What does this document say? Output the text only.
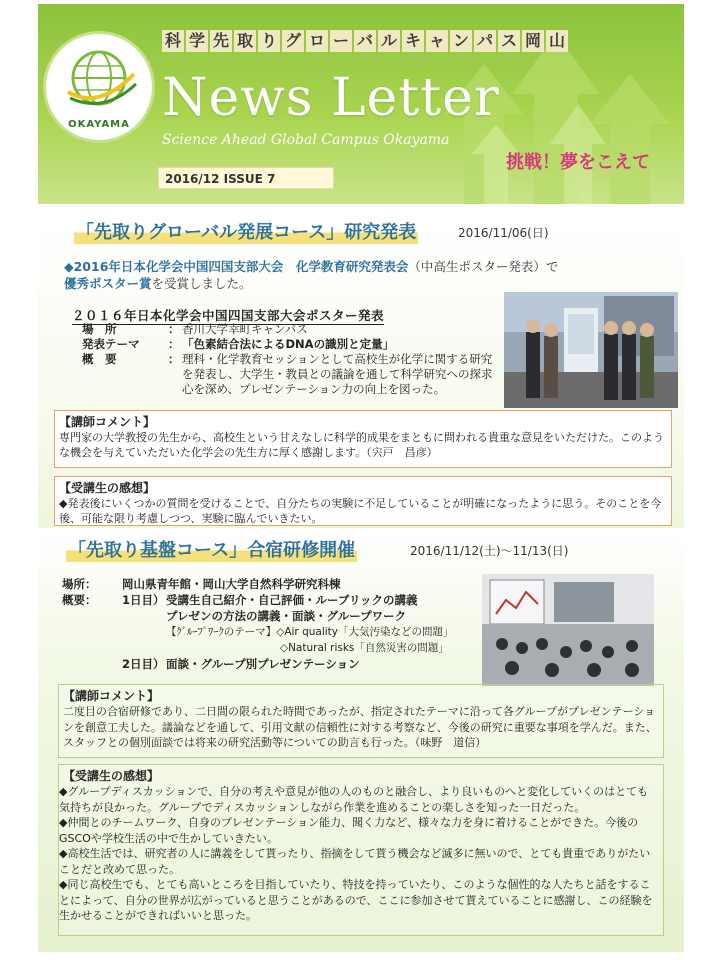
OKAYAMA
科 学 先 取 り グ ロ ー バ ル キ ャ ン パ ス 岡 山
News Letter
Science Ahead Global Campus Okayama
挑戦！夢をこえて
2016/12 ISSUE 7
「先取りグローバル発展コース」研究発表	2016/11/06(日)
◆2016年日本化学会中国四国支部大会　化学教育研究発表会（中高生ポスター発表）で
優秀ポスター賞を受賞しました。
２０１６年日本化学会中国四国支部大会ポスター発表
場　所	： 香川大学幸町キャンパス
発表テーマ	： 「色素結合法によるDNAの識別と定量」
概　要	： 理科・化学教育セッションとして高校生が化学に関する研究を発表し、大学生・教員との議論を通して科学研究への探求心を深め、プレゼンテーション力の向上を図った。
【講師コメント】
専門家の大学教授の先生から、高校生という甘えなしに科学的成果をまともに問われる貴重な意見をいただけた。このような機会を与えていただいた化学会の先生方に厚く感謝します。（宍戸　昌彦）
【受講生の感想】
◆発表後にいくつかの質問を受けることで、自分たちの実験に不足していることが明確になったように思う。そのことを今後、可能な限り考慮しつつ、実験に臨んでいきたい。
「先取り基盤コース」合宿研修開催	2016/11/12(土)～11/13(日)
場所：	岡山県青年館・岡山大学自然科学研究科棟
概要：	1日目） 受講生自己紹介・自己評価・ルーブリックの講義
プレゼンの方法の講義・面談・グループワーク
【ｸﾞﾙｰﾌﾟﾜｰｸのテーマ】◇Air quality「大気汚染などの問題」
◇Natural risks「自然災害の問題」
2日目） 面談・グループ別プレゼンテーション
【講師コメント】
二度目の合宿研修であり、二日間の限られた時間であったが、指定されたテーマに沿って各グループがプレゼンテーションを創意工夫した。議論などを通して、引用文献の信頼性に対する考察など、今後の研究に重要な事項を学んだ。また、スタッフとの個別面談では将来の研究活動等についての助言も行った。（味野　道信）
【受講生の感想】
◆グループディスカッションで、自分の考えや意見が他の人のものと融合し、より良いものへと変化していくのはとても気持ちが良かった。グループでディスカッションしながら作業を進めることの楽しさを知った一日だった。
◆仲間とのチームワーク、自身のプレゼンテーション能力、聞く力など、様々な力を身に着けることができた。今後のGSCOや学校生活の中で生かしていきたい。
◆高校生活では、研究者の人に講義をして貰ったり、指摘をして貰う機会など滅多に無いので、とても貴重でありがたいことだと改めて思った。
◆同じ高校生でも、とても高いところを目指していたり、特技を持っていたり、このような個性的な人たちと話をすることによって、自分の世界が広がっていると思うことがあるので、ここに参加させて貰えていることに感謝し、この経験を生かせることができればいいと思った。
